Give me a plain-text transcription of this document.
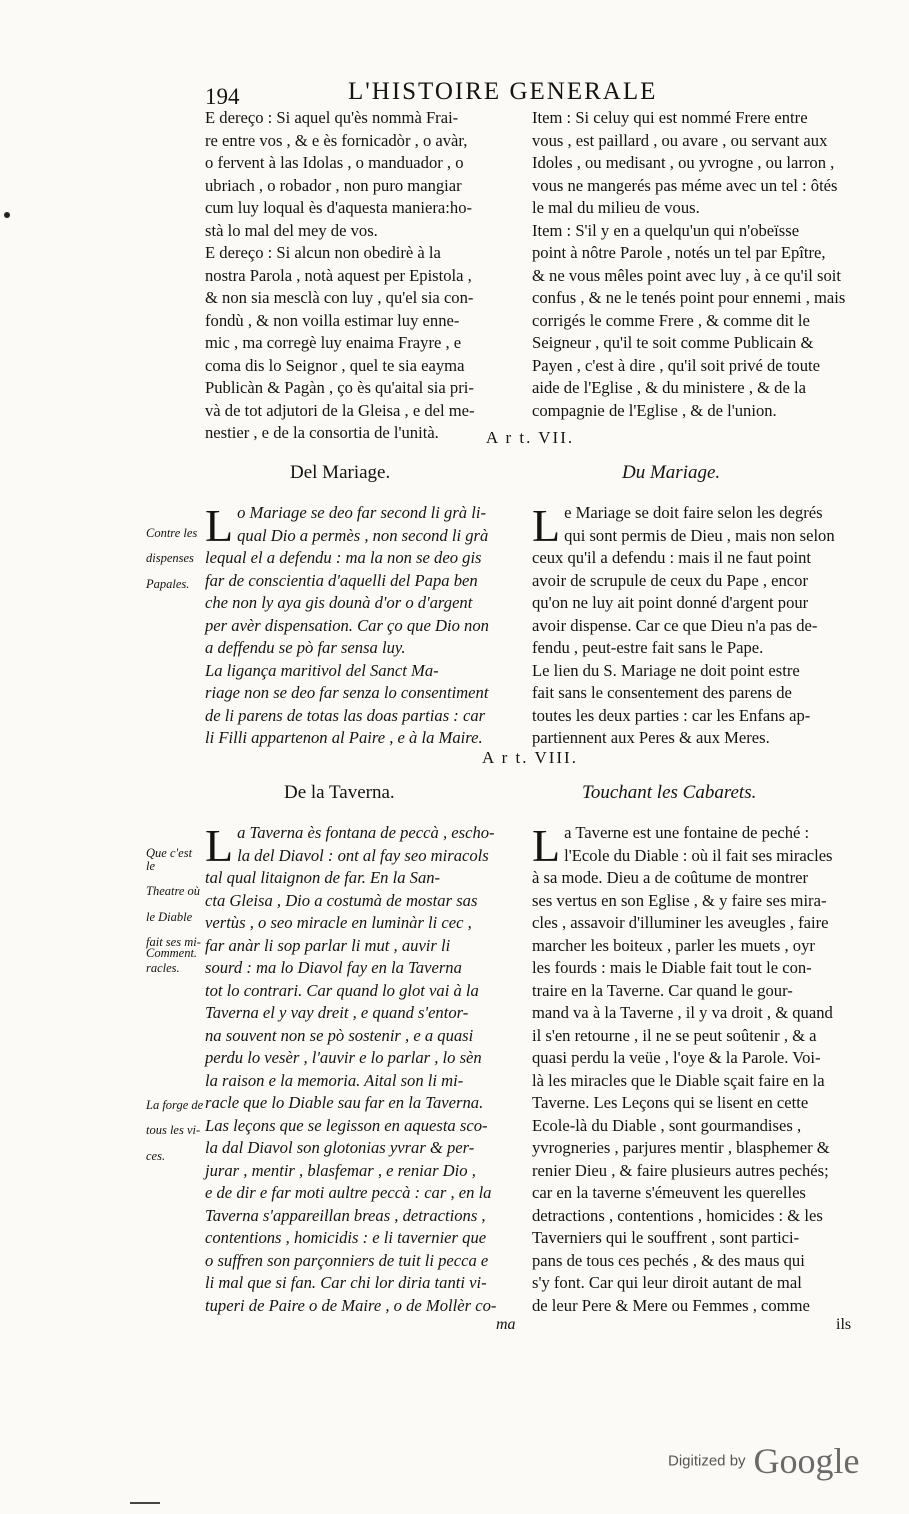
194	L'HISTOIRE GENERALE

E dereço : Si aquel qu'ès nommà Frai-

re entre vos , & e ès fornicadòr , o avàr,

o fervent à las Idolas , o manduador , o

ubriach , o robador , non puro mangiar

cum luy loqual ès d'aquesta maniera:ho-

stà lo mal del mey de vos.

E dereço : Si alcun non obedirè à la

nostra Parola , notà aquest per Epistola ,

& non sia mesclà con luy , qu'el sia con-

fondù , & non voilla estimar luy enne-

mic , ma corregè luy enaima Frayre , e

coma dis lo Seignor , quel te sia eayma

Publicàn & Pagàn , ço ès qu'aital sia pri-

và de tot adjutori de la Gleisa , e del me-

nestier , e de la consortia de l'unità.

Item : Si celuy qui est nommé Frere entre

vous , est paillard , ou avare , ou servant aux

Idoles , ou medisant , ou yvrogne , ou larron ,

vous ne mangerés pas méme avec un tel : ôtés

le mal du milieu de vous.

Item : S'il y en a quelqu'un qui n'obeïsse

point à nôtre Parole , notés un tel par Epître,

& ne vous mêles point avec luy , à ce qu'il soit

confus , & ne le tenés point pour ennemi , mais

corrigés le comme Frere , & comme dit le

Seigneur , qu'il te soit comme Publicain &

Payen , c'est à dire , qu'il soit privé de toute

aide de l'Eglise , & du ministere , & de la

compagnie de l'Eglise , & de l'union.

A r t. VII.
Del Mariage.	Du Mariage.

Contre les

dispenses

Papales.

L o Mariage se deo far second li grà li-

qual Dio a permès , non second li grà

lequal el a defendu : ma la non se deo gis

far de conscientia d'aquelli del Papa ben

che non ly aya gis dounà d'or o d'argent

per avèr dispensation. Car ço que Dio non

a deffendu se pò far sensa luy.

La ligança maritivol del Sanct Ma-

riage non se deo far senza lo consentiment

de li parens de totas las doas partias : car

li Filli appartenon al Paire , e à la Maire.

L e Mariage se doit faire selon les degrés

qui sont permis de Dieu , mais non selon

ceux qu'il a defendu : mais il ne faut point

avoir de scrupule de ceux du Pape , encor

qu'on ne luy ait point donné d'argent pour

avoir dispense. Car ce que Dieu n'a pas de-

fendu , peut-estre fait sans le Pape.

Le lien du S. Mariage ne doit point estre

fait sans le consentement des parens de

toutes les deux parties : car les Enfans ap-

partiennent aux Peres & aux Meres.

A r t. VIII.
De la Taverna.	Touchant les Cabarets.

Que c'est le

Theatre où

le Diable

fait ses mi-

racles.

Comment.

La forge de

tous les vi-

ces.

L a Taverna ès fontana de peccà , escho-

la del Diavol : ont al fay seo miracols

tal qual litaignon de far. En la San-

cta Gleisa , Dio a costumà de mostar sas

vertùs , o seo miracle en luminàr li cec ,

far anàr li sop parlar li mut , auvir li

sourd : ma lo Diavol fay en la Taverna

tot lo contrari. Car quand lo glot vai à la

Taverna el y vay dreit , e quand s'entor-

na souvent non se pò sostenir , e a quasi

perdu lo vesèr , l'auvir e lo parlar , lo sèn

la raison e la memoria. Aital son li mi-

racle que lo Diable sau far en la Taverna.

Las leçons que se legisson en aquesta sco-

la dal Diavol son glotonias yvrar & per-

jurar , mentir , blasfemar , e reniar Dio ,

e de dir e far moti aultre peccà : car , en la

Taverna s'appareillan breas , detractions ,

contentions , homicidis : e li tavernier que

o suffren son parçonniers de tuit li pecca e

li mal que si fan. Car chi lor diria tanti vi-

tuperi de Paire o de Maire , o de Mollèr co-

L a Taverne est une fontaine de peché :

l'Ecole du Diable : où il fait ses miracles

à sa mode. Dieu a de coûtume de montrer

ses vertus en son Eglise , & y faire ses mira-

cles , assavoir d'illuminer les aveugles , faire

marcher les boiteux , parler les muets , oyr

les fourds : mais le Diable fait tout le con-

traire en la Taverne. Car quand le gour-

mand va à la Taverne , il y va droit , & quand

il s'en retourne , il ne se peut soûtenir , & a

quasi perdu la veüe , l'oye & la Parole. Voi-

là les miracles que le Diable sçait faire en la

Taverne. Les Leçons qui se lisent en cette

Ecole-là du Diable , sont gourmandises ,

yvrogneries , parjures mentir , blasphemer &

renier Dieu , & faire plusieurs autres pechés;

car en la taverne s'émeuvent les querelles

detractions , contentions , homicides : & les

Taverniers qui le souffrent , sont partici-

pans de tous ces pechés , & des maus qui

s'y font. Car qui leur diroit autant de mal

de leur Pere & Mere ou Femmes , comme

ma	ils
Digitized by Google
